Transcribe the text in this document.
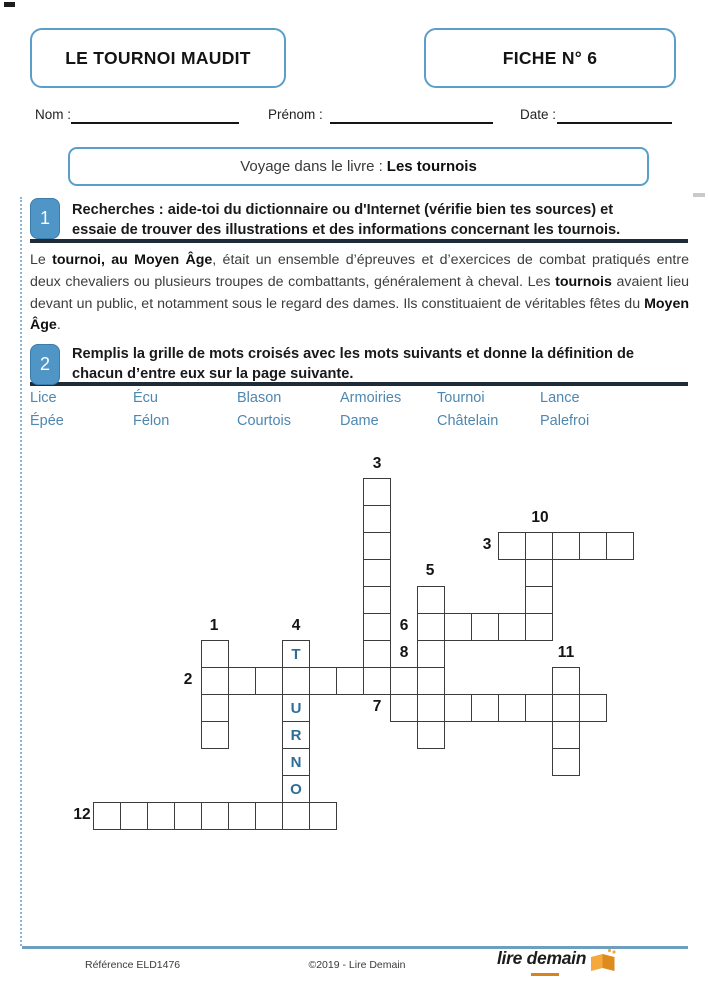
LE TOURNOI MAUDIT	FICHE N° 6
Nom :	Prénom :	Date :
Voyage dans le livre : Les tournois
1	Recherches : aide-toi du dictionnaire ou d'Internet (vérifie bien tes sources) et
essaie de trouver des illustrations et des informations concernant les tournois.

Le tournoi, au Moyen Âge, était un ensemble d’épreuves et d’exercices de combat pratiqués entre deux chevaliers ou plusieurs troupes de combattants, généralement à cheval. Les tournois avaient lieu devant un public, et notamment sous le regard des dames. Ils constituaient de véritables fêtes du Moyen Âge.

2	Remplis la grille de mots croisés avec les mots suivants et donne la définition de
chacun d’entre eux sur la page suivante.
Lice	Écu	Blason	Armoiries Tournoi	Lance
Épée	Félon	Courtois	Dame	Châtelain	Palefroi
T
U
R
N
O
3
10
3
5
1	4	6
8	11
2
7
12
Référence ELD1476	©2019 - Lire Demain	lire demain
